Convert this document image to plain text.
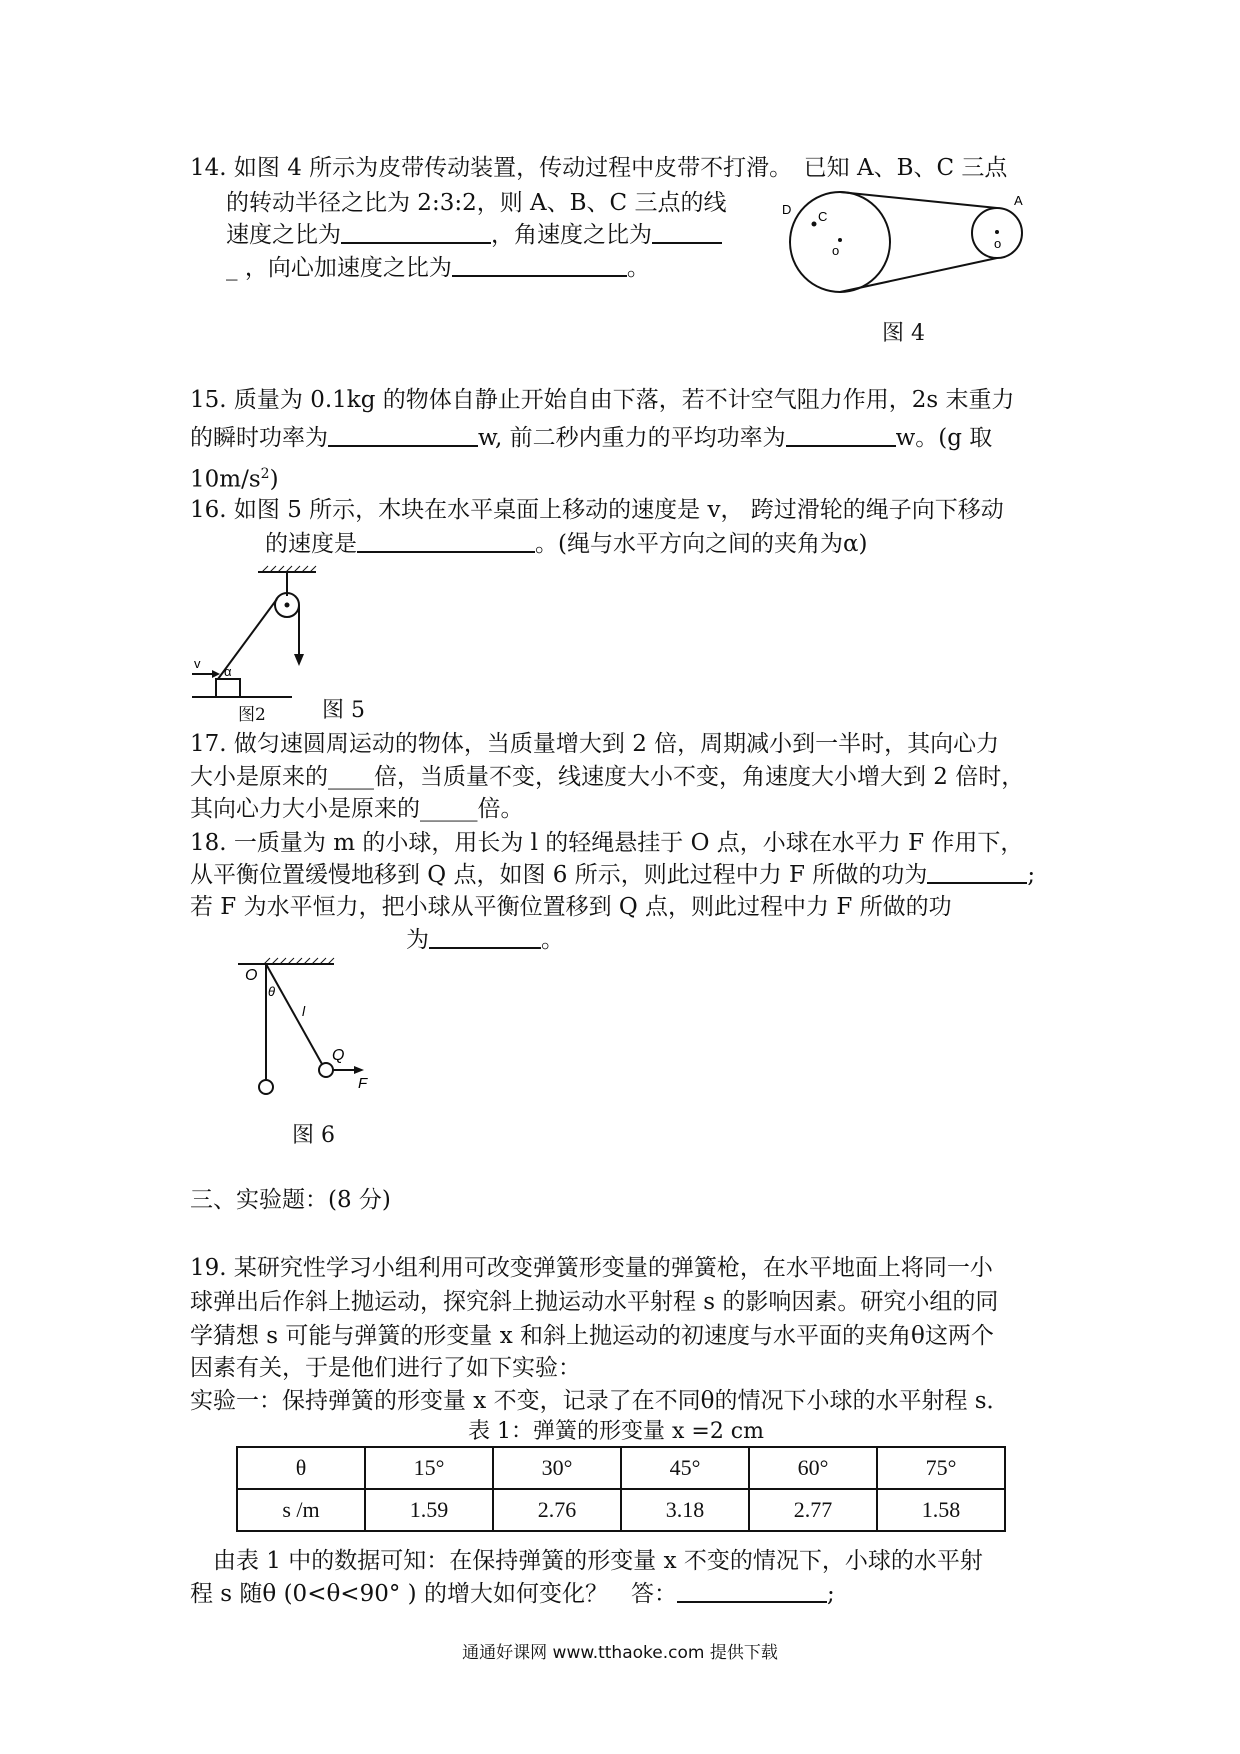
14. 如图 4 所示为皮带传动装置，传动过程中皮带不打滑。　已知 A、B、C 三点
的转动半径之比为 2:3:2，则 A、B、C 三点的线
速度之比为	，角速度之比为
_ ，向心加速度之比为	。
D C
o
A
o
图 4
15. 质量为 0.1kg 的物体自静止开始自由下落，若不计空气阻力作用，2s 末重力
的瞬时功率为	w, 前二秒内重力的平均功率为	w。(g 取
$10m/s^2$)
16. 如图 5 所示，木块在水平桌面上移动的速度是 v， 跨过滑轮的绳子向下移动
的速度是	。(绳与水平方向之间的夹角为α)
v
α
图2	图 5
17. 做匀速圆周运动的物体，当质量增大到 2 倍，周期减小到一半时，其向心力
大小是原来的____倍，当质量不变，线速度大小不变，角速度大小增大到 2 倍时，
其向心力大小是原来的_____倍。
18. 一质量为 m 的小球，用长为 l 的轻绳悬挂于 O 点，小球在水平力 F 作用下，
从平衡位置缓慢地移到 Q 点，如图 6 所示，则此过程中力 F 所做的功为	;
若 F 为水平恒力，把小球从平衡位置移到 Q 点，则此过程中力 F 所做的功
为	。
O
θ
l
Q
F
图 6
三、实验题：(8 分)
19. 某研究性学习小组利用可改变弹簧形变量的弹簧枪，在水平地面上将同一小
球弹出后作斜上抛运动，探究斜上抛运动水平射程 s 的影响因素。研究小组的同
学猜想 s 可能与弹簧的形变量 x 和斜上抛运动的初速度与水平面的夹角θ这两个
因素有关，于是他们进行了如下实验：
实验一：保持弹簧的形变量 x 不变，记录了在不同θ的情况下小球的水平射程 s．
表 1：弹簧的形变量 x =2 cm
θ	15°	30°	45°	60°	75°
s /m	1.59	2.76	3.18	2.77	1.58
　由表 1 中的数据可知：在保持弹簧的形变量 x 不变的情况下，小球的水平射
程 s 随θ (0<θ<90° ) 的增大如何变化？　答：	;
通通好课网 www.tthaoke.com 提供下载
